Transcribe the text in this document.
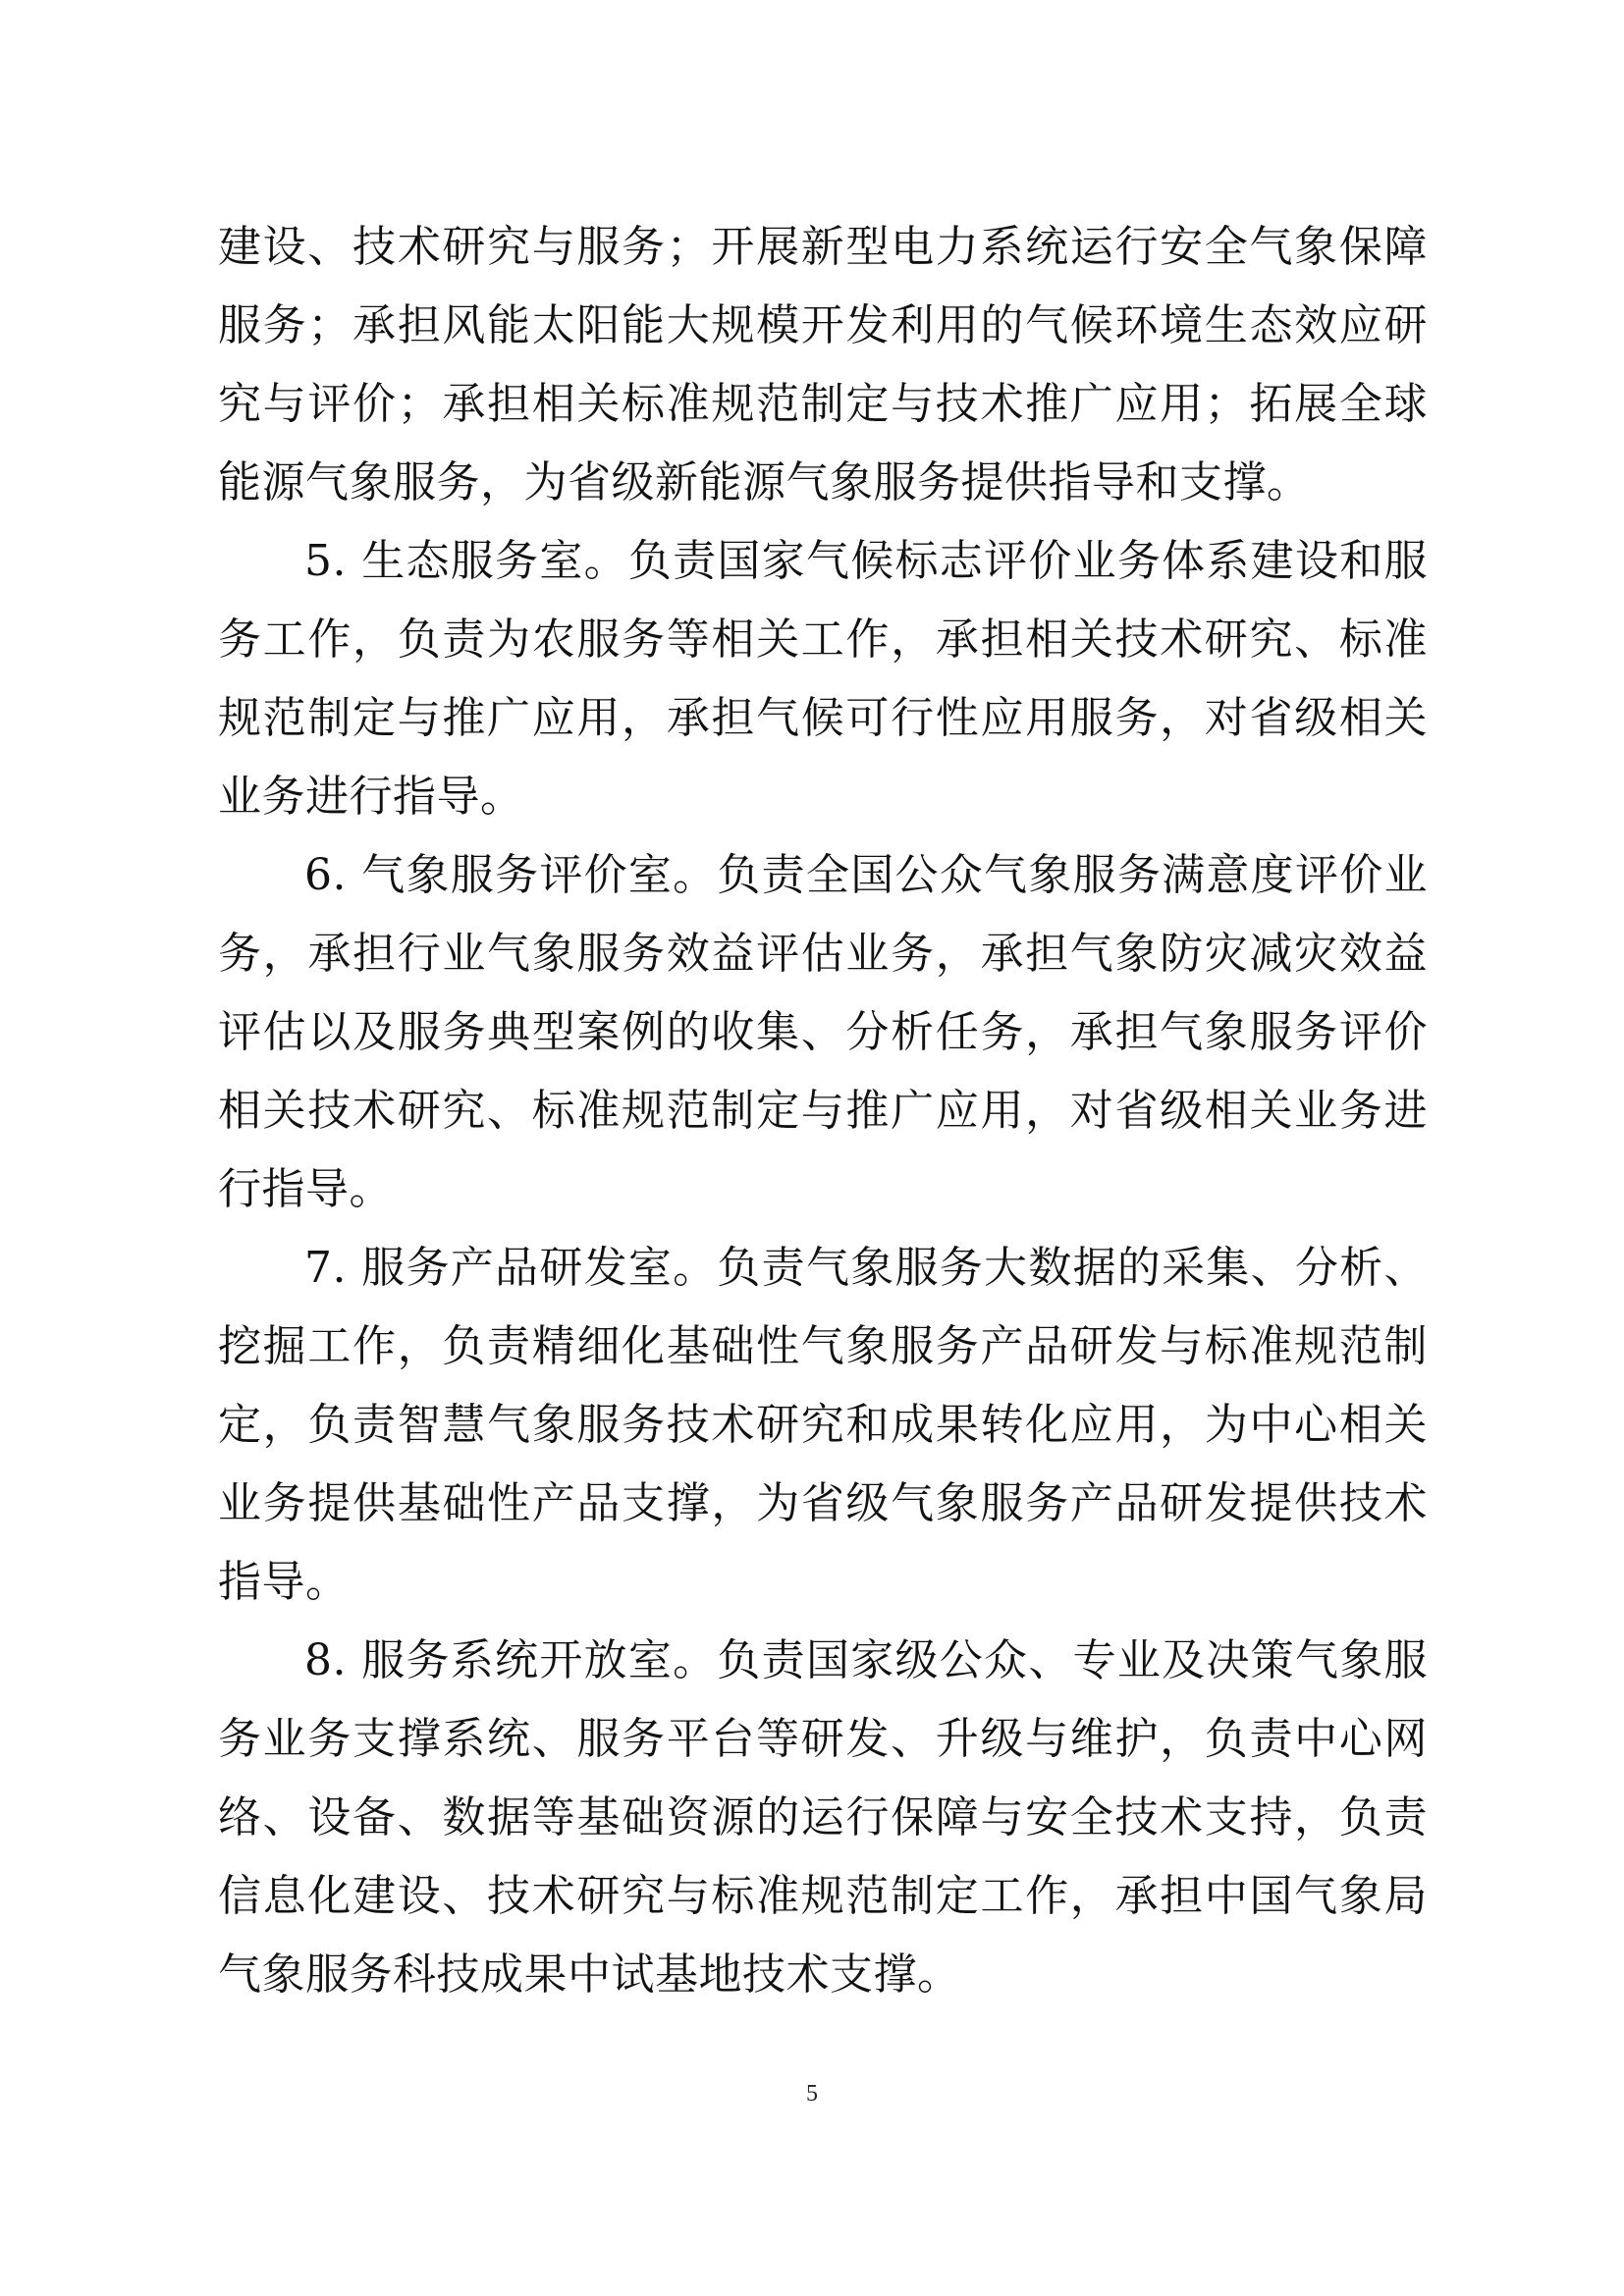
建设、技术研究与服务；开展新型电力系统运行安全气象保障服务；承担风能太阳能大规模开发利用的气候环境生态效应研究与评价；承担相关标准规范制定与技术推广应用；拓展全球能源气象服务，为省级新能源气象服务提供指导和支撑。

5. 生态服务室。负责国家气候标志评价业务体系建设和服务工作，负责为农服务等相关工作，承担相关技术研究、标准规范制定与推广应用，承担气候可行性应用服务，对省级相关业务进行指导。

6. 气象服务评价室。负责全国公众气象服务满意度评价业务，承担行业气象服务效益评估业务，承担气象防灾减灾效益评估以及服务典型案例的收集、分析任务，承担气象服务评价相关技术研究、标准规范制定与推广应用，对省级相关业务进行指导。

7. 服务产品研发室。负责气象服务大数据的采集、分析、挖掘工作，负责精细化基础性气象服务产品研发与标准规范制定，负责智慧气象服务技术研究和成果转化应用，为中心相关业务提供基础性产品支撑，为省级气象服务产品研发提供技术指导。

8. 服务系统开放室。负责国家级公众、专业及决策气象服务业务支撑系统、服务平台等研发、升级与维护，负责中心网络、设备、数据等基础资源的运行保障与安全技术支持，负责信息化建设、技术研究与标准规范制定工作，承担中国气象局气象服务科技成果中试基地技术支撑。

5
